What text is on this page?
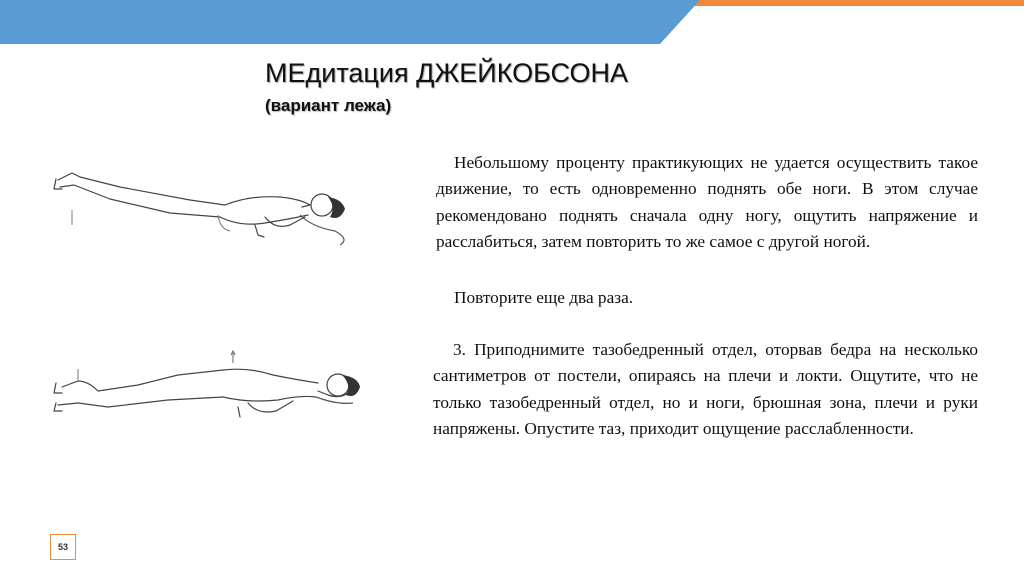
МЕдитация ДЖЕЙКОБСОНА
(вариант лежа)

Небольшому проценту практикующих не удается осуществить такое движение, то есть одновременно поднять обе ноги. В этом случае рекомендовано поднять сначала одну ногу, ощутить напряжение и расслабиться, затем повторить то же самое с другой ногой.

Повторите еще два раза.

3. Приподнимите тазобедренный отдел, оторвав бедра на несколько сантиметров от постели, опираясь на плечи и локти. Ощутите, что не только тазобедренный отдел, но и ноги, брюшная зона, плечи и руки напряжены. Опустите таз, приходит ощущение расслабленности.

53
